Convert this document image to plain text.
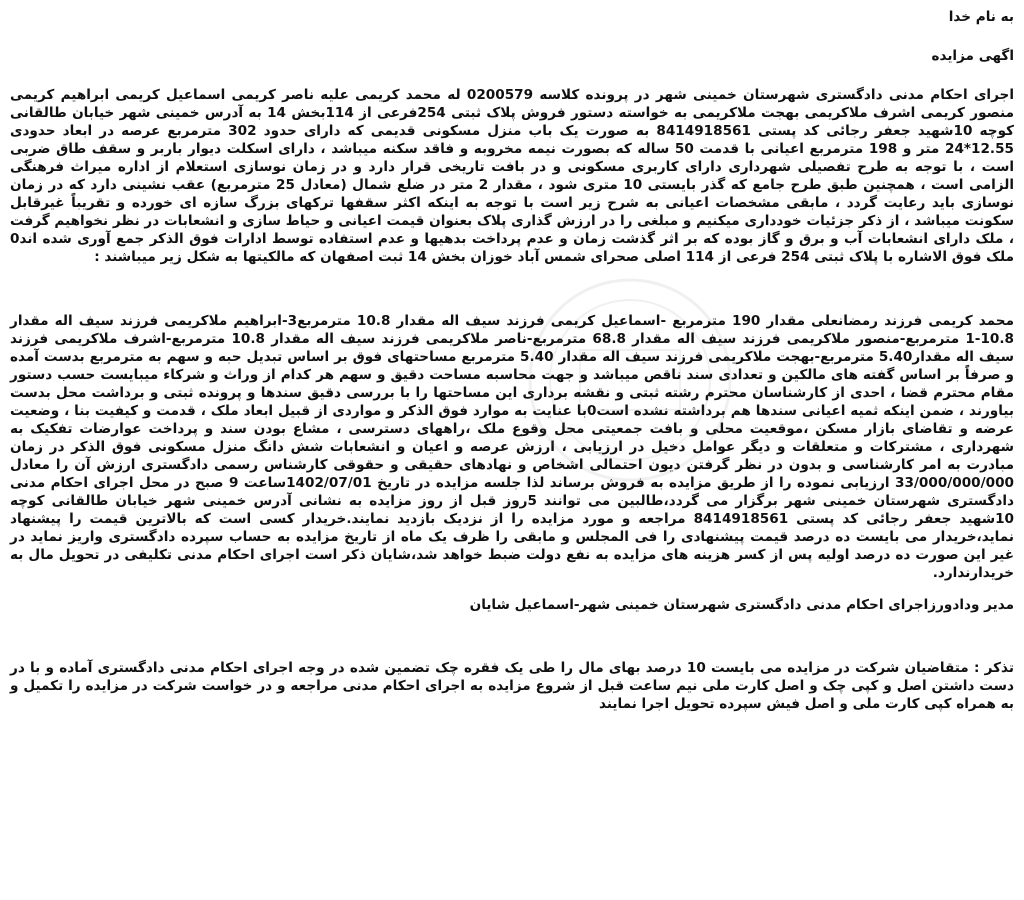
به نام خدا

اگهی مزایده

اجرای احکام مدنی دادگستری شهرستان خمینی شهر در پرونده کلاسه 0200579 له محمد کریمی علیه ناصر کریمی اسماعیل کریمی ابراهیم کریمی منصور کریمی اشرف ملاکریمی بهجت ملاکریمی به خواسته دستور فروش پلاک ثبتی 254فرعی از 114بخش 14 به آدرس خمینی شهر خیابان طالقانی کوچه 10شهید جعفر رجائی کد پستی 8414918561 به صورت یک باب منزل مسکونی قدیمی که دارای حدود 302 مترمربع عرصه در ابعاد حدودی 12.55*24 متر و 198 مترمربع اعیانی با قدمت 50 ساله که بصورت نیمه مخروبه و فاقد سکنه میباشد ، دارای اسکلت دیوار باربر و سقف طاق ضربی است ، با توجه به طرح تفصیلی شهرداری دارای کاربری مسکونی و در بافت تاریخی قرار دارد و در زمان نوسازی استعلام از اداره میراث فرهنگی الزامی است ، همچنین طبق طرح جامع که گذر بایستی 10 متری شود ، مقدار 2 متر در ضلع شمال (معادل 25 مترمربع) عقب نشینی دارد که در زمان نوسازی باید رعایت گردد ، مابقی مشخصات اعیانی به شرح زیر است با توجه به اینکه اکثر سقفها ترکهای بزرگ سازه ای خورده و تقریباً غیرقابل سکونت میباشد ، از ذکر جزئیات خودداری میکنیم و مبلغی را در ارزش گذاری پلاک بعنوان قیمت اعیانی و حیاط سازی و انشعابات در نظر نخواهیم گرفت ، ملک دارای انشعابات آب و برق و گاز بوده که بر اثر گذشت زمان و عدم پرداخت بدهیها و عدم استفاده توسط ادارات فوق الذکر جمع آوری شده اند0 ملک فوق الاشاره با پلاک ثبتی 254 فرعی از 114 اصلی صحرای شمس آباد خوزان بخش 14 ثبت اصفهان که مالکیتها به شکل زیر میباشند :

محمد کریمی فرزند رمضانعلی مقدار 190 مترمربع -اسماعیل کریمی فرزند سیف اله مقدار 10.8 مترمربع3-ابراهیم ملاکریمی فرزند سیف اله مقدار 10.8-1 مترمربع-منصور ملاکریمی فرزند سیف اله مقدار 68.8 مترمربع-ناصر ملاکریمی فرزند سیف اله مقدار 10.8 مترمربع-اشرف ملاکریمی فرزند سیف اله مقدار5.40 مترمربع-بهجت ملاکریمی فرزند سیف اله مقدار 5.40 مترمربع مساحتهای فوق بر اساس تبدیل حبه و سهم به مترمربع بدست آمده و صرفاً بر اساس گفته های مالکین و تعدادی سند ناقص میباشد و جهت محاسبه مساحت دقیق و سهم هر کدام از وراث و شرکاء میبایست حسب دستور مقام محترم قضا ، احدی از کارشناسان محترم رشته ثبتی و نقشه برداری این مساحتها را با بررسی دقیق سندها و پرونده ثبتی و برداشت محل بدست بیاورند ، ضمن اینکه ثمیه اعیانی سندها هم برداشته نشده است0با عنایت به موارد فوق الذکر و مواردی از قبیل ابعاد ملک ، قدمت و کیفیت بنا ، وضعیت عرضه و تقاضای بازار مسکن ،موقعیت محلی و بافت جمعیتی محل وقوع ملک ،راههای دسترسی ، مشاع بودن سند و پرداخت عوارضات تفکیک به شهرداری ، مشترکات و متعلقات و دیگر عوامل دخیل در ارزیابی ، ارزش عرصه و اعیان و انشعابات شش دانگ منزل مسکونی فوق الذکر در زمان مبادرت به امر کارشناسی و بدون در نظر گرفتن دیون احتمالی اشخاص و نهادهای حقیقی و حقوقی کارشناس رسمی دادگستری ارزش آن را معادل 33/000/000/000 ارزیابی نموده را از طریق مزایده به فروش برساند لذا جلسه مزایده در تاریخ 1402/07/01ساعت 9 صبح در محل اجرای احکام مدنی دادگستری شهرستان خمینی شهر برگزار می گردد،طالبین می توانند 5روز قبل از روز مزایده به نشانی آدرس خمینی شهر خیابان طالقانی کوچه 10شهید جعفر رجائی کد پستی 8414918561 مراجعه و مورد مزایده را از نزدیک بازدید نمایند.خریدار کسی است که بالاترین قیمت را پیشنهاد نماید،خریدار می بایست ده درصد قیمت پیشنهادی را فی المجلس و مابقی را ظرف یک ماه از تاریخ مزایده به حساب سپرده دادگستری واریز نماید در غیر این صورت ده درصد اولیه پس از کسر هزینه های مزایده به نفع دولت ضبط خواهد شد،شایان ذکر است اجرای احکام مدنی تکلیفی در تحویل مال به خریدارندارد.

مدیر ودادورزاجرای احکام مدنی دادگستری شهرستان خمینی شهر-اسماعیل شایان

تذکر : متقاضیان شرکت در مزایده می بایست 10 درصد بهای مال را طی یک فقره چک تضمین شده در وجه اجرای احکام مدنی دادگستری آماده و با در دست داشتن اصل و کپی چک و اصل کارت ملی نیم ساعت قبل از شروع مزایده به اجرای احکام مدنی مراجعه و در خواست شرکت در مزایده را تکمیل و به همراه کپی کارت ملی و اصل فیش سپرده تحویل اجرا نمایند
